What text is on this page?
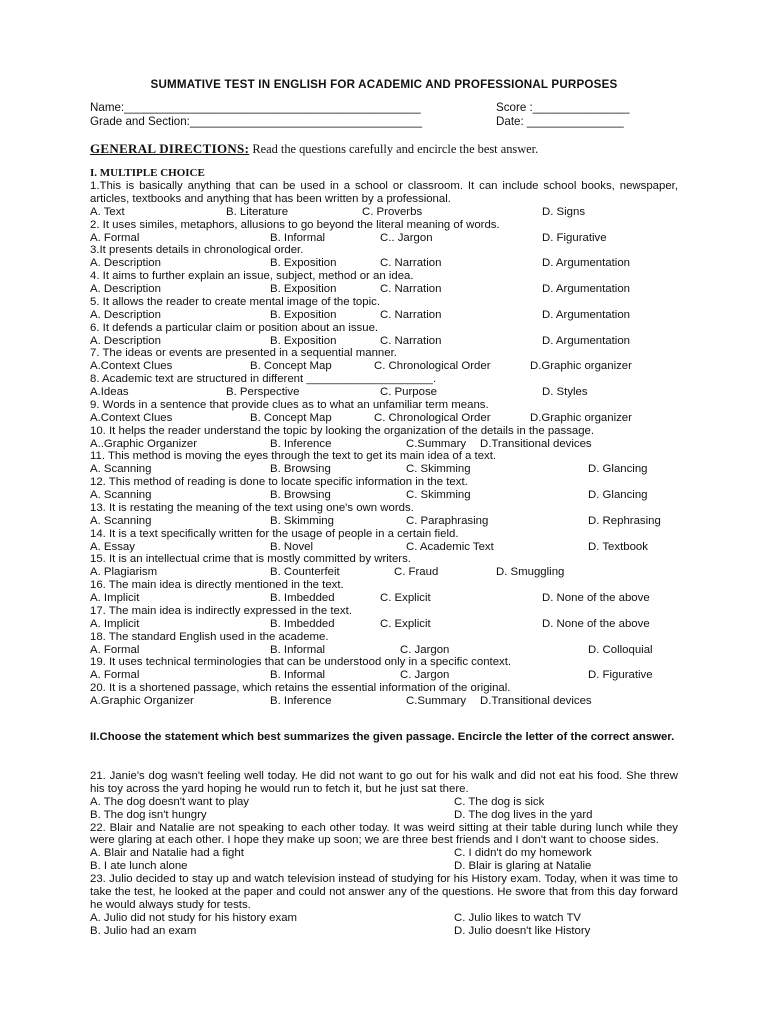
SUMMATIVE TEST IN ENGLISH FOR ACADEMIC AND PROFESSIONAL PURPOSES
Name:______________________________________________	Score :_______________
Grade and Section:____________________________________	Date: _______________
GENERAL DIRECTIONS: Read the questions carefully and encircle the best answer.
I. MULTIPLE CHOICE
1.This is basically anything that can be used in a school or classroom. It can include school books, newspaper, articles, textbooks and anything that has been written by a professional.
A. Text	B. Literature	C. Proverbs	D. Signs
2. It uses similes, metaphors, allusions to go beyond the literal meaning of words.
A. Formal	B. Informal	C.. Jargon	D. Figurative
3.It presents details in chronological order.
A. Description	B. Exposition	C. Narration	D. Argumentation
4. It aims to further explain an issue, subject, method or an idea.
A. Description	B. Exposition	C. Narration	D. Argumentation
5. It allows the reader to create mental image of the topic.
A. Description	B. Exposition	C. Narration	D. Argumentation
6. It defends a particular claim or position about an issue.
A. Description	B. Exposition	C. Narration	D. Argumentation
7. The ideas or events are presented in a sequential manner.
A.Context Clues	B. Concept Map	C. Chronological Order	D.Graphic organizer
8. Academic text are structured in different ____________________.
A.Ideas	B. Perspective	C. Purpose	D. Styles
9. Words in a sentence that provide clues as to what an unfamiliar term means.
A.Context Clues	B. Concept Map	C. Chronological Order	D.Graphic organizer
10. It helps the reader understand the topic by looking the organization of the details in the passage.
A..Graphic Organizer	B. Inference	C.Summary D.Transitional devices
11. This method is moving the eyes through the text to get its main idea of a text.
A. Scanning	B. Browsing	C. Skimming	D. Glancing
12. This method of reading is done to locate specific information in the text.
A. Scanning	B. Browsing	C. Skimming	D. Glancing
13. It is restating the meaning of the text using one's own words.
A. Scanning	B. Skimming	C. Paraphrasing	D. Rephrasing
14. It is a text specifically written for the usage of people in a certain field.
A. Essay	B. Novel	C. Academic Text	D. Textbook
15. It is an intellectual crime that is mostly committed by writers.
A. Plagiarism	B. Counterfeit	C. Fraud	D. Smuggling
16. The main idea is directly mentioned in the text.
A. Implicit	B. Imbedded	C. Explicit	D. None of the above
17. The main idea is indirectly expressed in the text.
A. Implicit	B. Imbedded	C. Explicit	D. None of the above
18. The standard English used in the academe.
A. Formal	B. Informal	C. Jargon	D. Colloquial
19. It uses technical terminologies that can be understood only in a specific context.
A. Formal	B. Informal	C. Jargon	D. Figurative
20. It is a shortened passage, which retains the essential information of the original.
A.Graphic Organizer	B. Inference	C.Summary D.Transitional devices
II.Choose the statement which best summarizes the given passage. Encircle the letter of the correct answer.
21. Janie's dog wasn't feeling well today. He did not want to go out for his walk and did not eat his food. She threw his toy across the yard hoping he would run to fetch it, but he just sat there.
A. The dog doesn't want to play	C. The dog is sick
B. The dog isn't hungry	D. The dog lives in the yard
22. Blair and Natalie are not speaking to each other today. It was weird sitting at their table during lunch while they were glaring at each other. I hope they make up soon; we are three best friends and I don't want to choose sides.
A. Blair and Natalie had a fight	C. I didn't do my homework
B. I ate lunch alone	D. Blair is glaring at Natalie
23. Julio decided to stay up and watch television instead of studying for his History exam. Today, when it was time to take the test, he looked at the paper and could not answer any of the questions. He swore that from this day forward he would always study for tests.
A. Julio did not study for his history exam	C. Julio likes to watch TV
B. Julio had an exam	D. Julio doesn't like History
